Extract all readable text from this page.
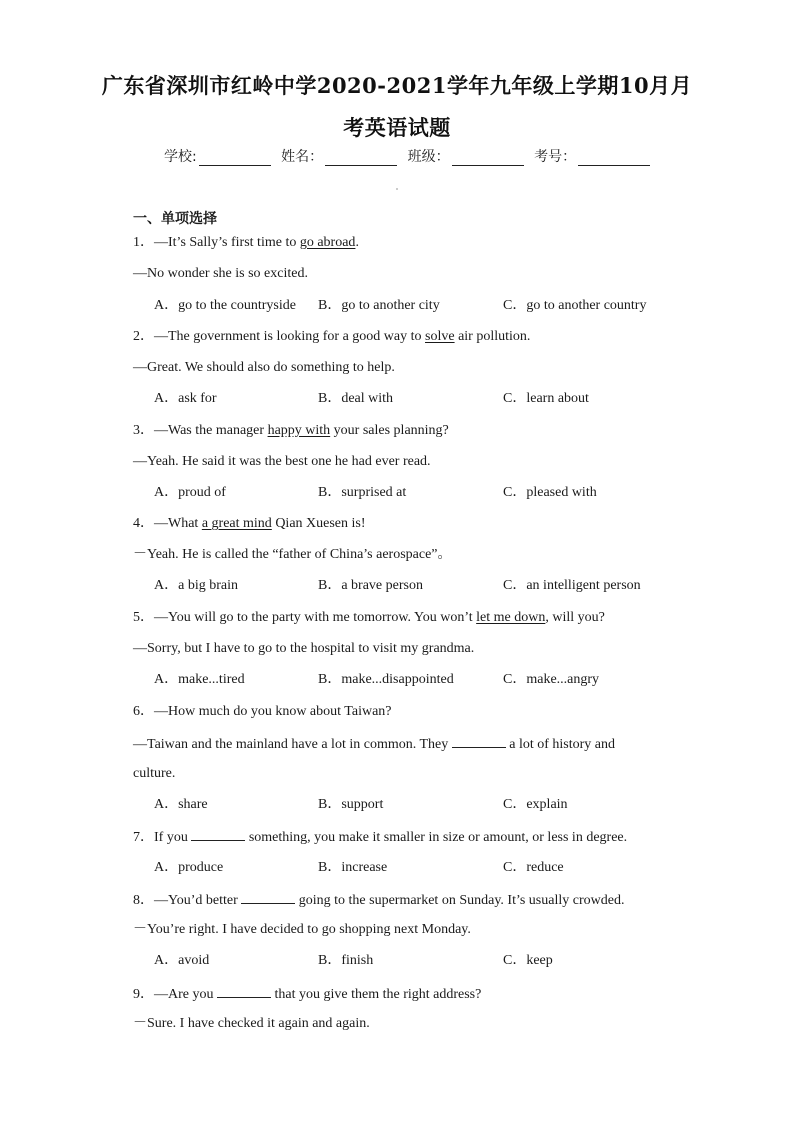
广东省深圳市红岭中学2020-2021学年九年级上学期10月月
考英语试题
学校:	姓名：	班级：	考号：
一、单项选择
1．—It’s Sally’s first time to go abroad.
—No wonder she is so excited.
A．go to the countryside B．go to another city	C．go to another country
2．—The government is looking for a good way to solve air pollution.
—Great. We should also do something to help.
A．ask for	B．deal with	C．learn about
3．—Was the manager happy with your sales planning?
—Yeah. He said it was the best one he had ever read.
A．proud of	B．surprised at	C．pleased with
4．—What a great mind Qian Xuesen is!
－Yeah. He is called the “father of China’s aerospace”。
A．a big brain	B．a brave person	C．an intelligent person
5．—You will go to the party with me tomorrow. You won’t let me down, will you?
—Sorry, but I have to go to the hospital to visit my grandma.
A．make...tired	B．make...disappointed	C．make...angry
6．—How much do you know about Taiwan?
—Taiwan and the mainland have a lot in common. They	a lot of history and
culture.
A．share	B．support	C．explain
7．If you	something, you make it smaller in size or amount, or less in degree.
A．produce	B．increase	C．reduce
8．—You’d better	going to the supermarket on Sunday. It’s usually crowded.
－You’re right. I have decided to go shopping next Monday.
A．avoid	B．finish	C．keep
9．—Are you	that you give them the right address?
－Sure. I have checked it again and again.
